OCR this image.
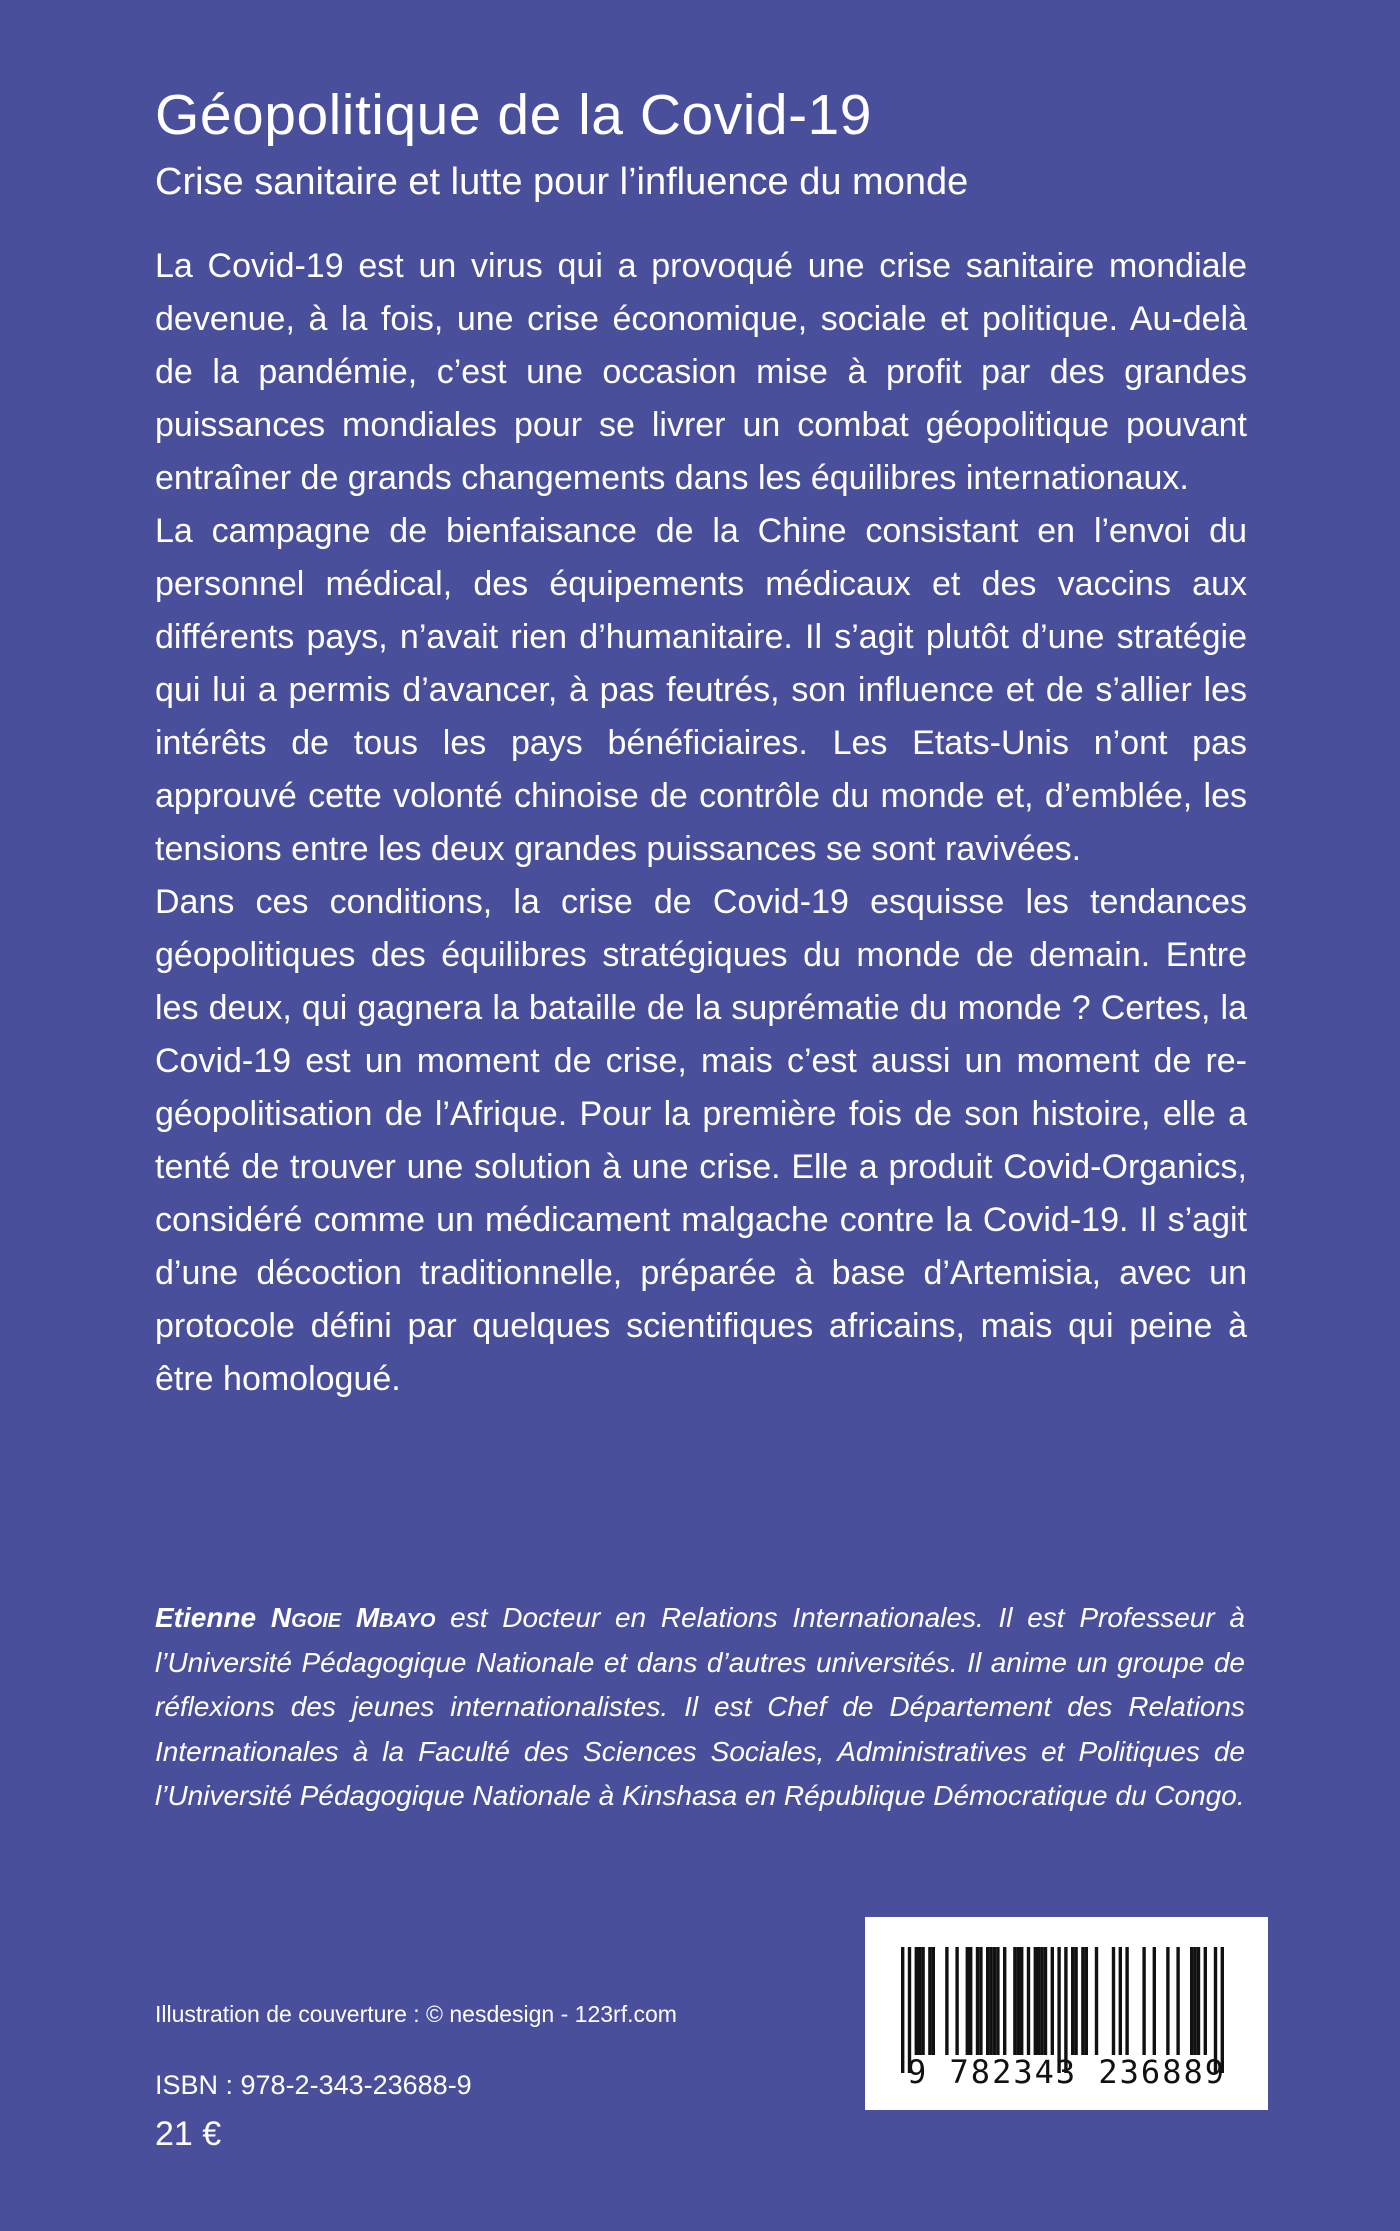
Géopolitique de la Covid-19
Crise sanitaire et lutte pour l’influence du monde

La Covid-19 est un virus qui a provoqué une crise sanitaire mondiale devenue, à la fois, une crise économique, sociale et politique. Au-delà de la pandémie, c’est une occasion mise à profit par des grandes puissances mondiales pour se livrer un combat géopolitique pouvant entraîner de grands changements dans les équilibres internationaux.

La campagne de bienfaisance de la Chine consistant en l’envoi du personnel médical, des équipements médicaux et des vaccins aux différents pays, n’avait rien d’humanitaire. Il s’agit plutôt d’une stratégie qui lui a permis d’avancer, à pas feutrés, son influence et de s’allier les intérêts de tous les pays bénéficiaires. Les Etats-Unis n’ont pas approuvé cette volonté chinoise de contrôle du monde et, d’emblée, les tensions entre les deux grandes puissances se sont ravivées.

Dans ces conditions, la crise de Covid-19 esquisse les tendances géopolitiques des équilibres stratégiques du monde de demain. Entre les deux, qui gagnera la bataille de la suprématie du monde ? Certes, la Covid-19 est un moment de crise, mais c’est aussi un moment de re-géopolitisation de l’Afrique. Pour la première fois de son histoire, elle a tenté de trouver une solution à une crise. Elle a produit Covid-Organics, considéré comme un médicament malgache contre la Covid-19. Il s’agit d’une décoction traditionnelle, préparée à base d’Artemisia, avec un protocole défini par quelques scientifiques africains, mais qui peine à être homologué.

Etienne Ngoie Mbayo est Docteur en Relations Internationales. Il est Professeur à l’Université Pédagogique Nationale et dans d’autres universités. Il anime un groupe de réflexions des jeunes internationalistes. Il est Chef de Département des Relations Internationales à la Faculté des Sciences Sociales, Administratives et Politiques de l’Université Pédagogique Nationale à Kinshasa en République Démocratique du Congo.
Illustration de couverture : © nesdesign - 123rf.com
ISBN : 978-2-343-23688-9
21 €
9 782343 236889
